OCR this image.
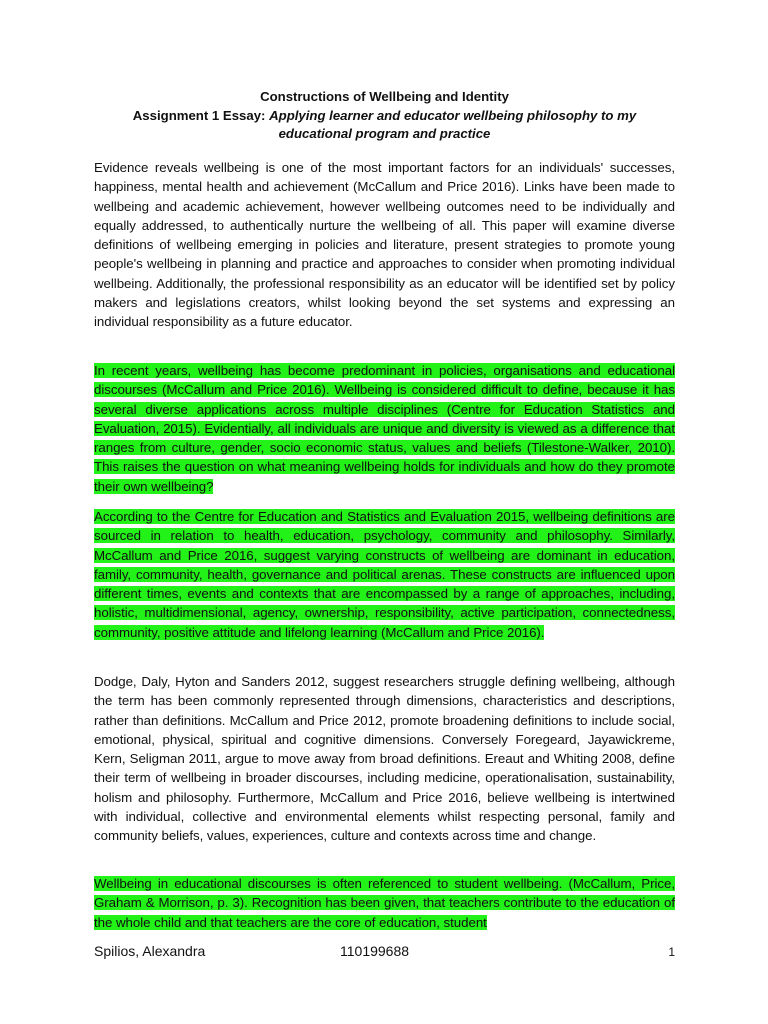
Constructions of Wellbeing and Identity
Assignment 1 Essay: Applying learner and educator wellbeing philosophy to my
educational program and practice
Evidence reveals wellbeing is one of the most important factors for an individuals' successes, happiness, mental health and achievement (McCallum and Price 2016). Links have been made to wellbeing and academic achievement, however wellbeing outcomes need to be individually and equally addressed, to authentically nurture the wellbeing of all. This paper will examine diverse definitions of wellbeing emerging in policies and literature, present strategies to promote young people's wellbeing in planning and practice and approaches to consider when promoting individual wellbeing. Additionally, the professional responsibility as an educator will be identified set by policy makers and legislations creators, whilst looking beyond the set systems and expressing an individual responsibility as a future educator.
In recent years, wellbeing has become predominant in policies, organisations and educational discourses (McCallum and Price 2016). Wellbeing is considered difficult to define, because it has several diverse applications across multiple disciplines (Centre for Education Statistics and Evaluation, 2015). Evidentially, all individuals are unique and diversity is viewed as a difference that ranges from culture, gender, socio economic status, values and beliefs (Tilestone-Walker, 2010). This raises the question on what meaning wellbeing holds for individuals and how do they promote their own wellbeing?
According to the Centre for Education and Statistics and Evaluation 2015, wellbeing definitions are sourced in relation to health, education, psychology, community and philosophy. Similarly, McCallum and Price 2016, suggest varying constructs of wellbeing are dominant in education, family, community, health, governance and political arenas. These constructs are influenced upon different times, events and contexts that are encompassed by a range of approaches, including, holistic, multidimensional, agency, ownership, responsibility, active participation, connectedness, community, positive attitude and lifelong learning (McCallum and Price 2016).
Dodge, Daly, Hyton and Sanders 2012, suggest researchers struggle defining wellbeing, although the term has been commonly represented through dimensions, characteristics and descriptions, rather than definitions. McCallum and Price 2012, promote broadening definitions to include social, emotional, physical, spiritual and cognitive dimensions. Conversely Foregeard, Jayawickreme, Kern, Seligman 2011, argue to move away from broad definitions. Ereaut and Whiting 2008, define their term of wellbeing in broader discourses, including medicine, operationalisation, sustainability, holism and philosophy. Furthermore, McCallum and Price 2016, believe wellbeing is intertwined with individual, collective and environmental elements whilst respecting personal, family and community beliefs, values, experiences, culture and contexts across time and change.
Wellbeing in educational discourses is often referenced to student wellbeing. (McCallum, Price, Graham & Morrison, p. 3). Recognition has been given, that teachers contribute to the education of the whole child and that teachers are the core of education, student
Spilios, Alexandra	110199688	1
